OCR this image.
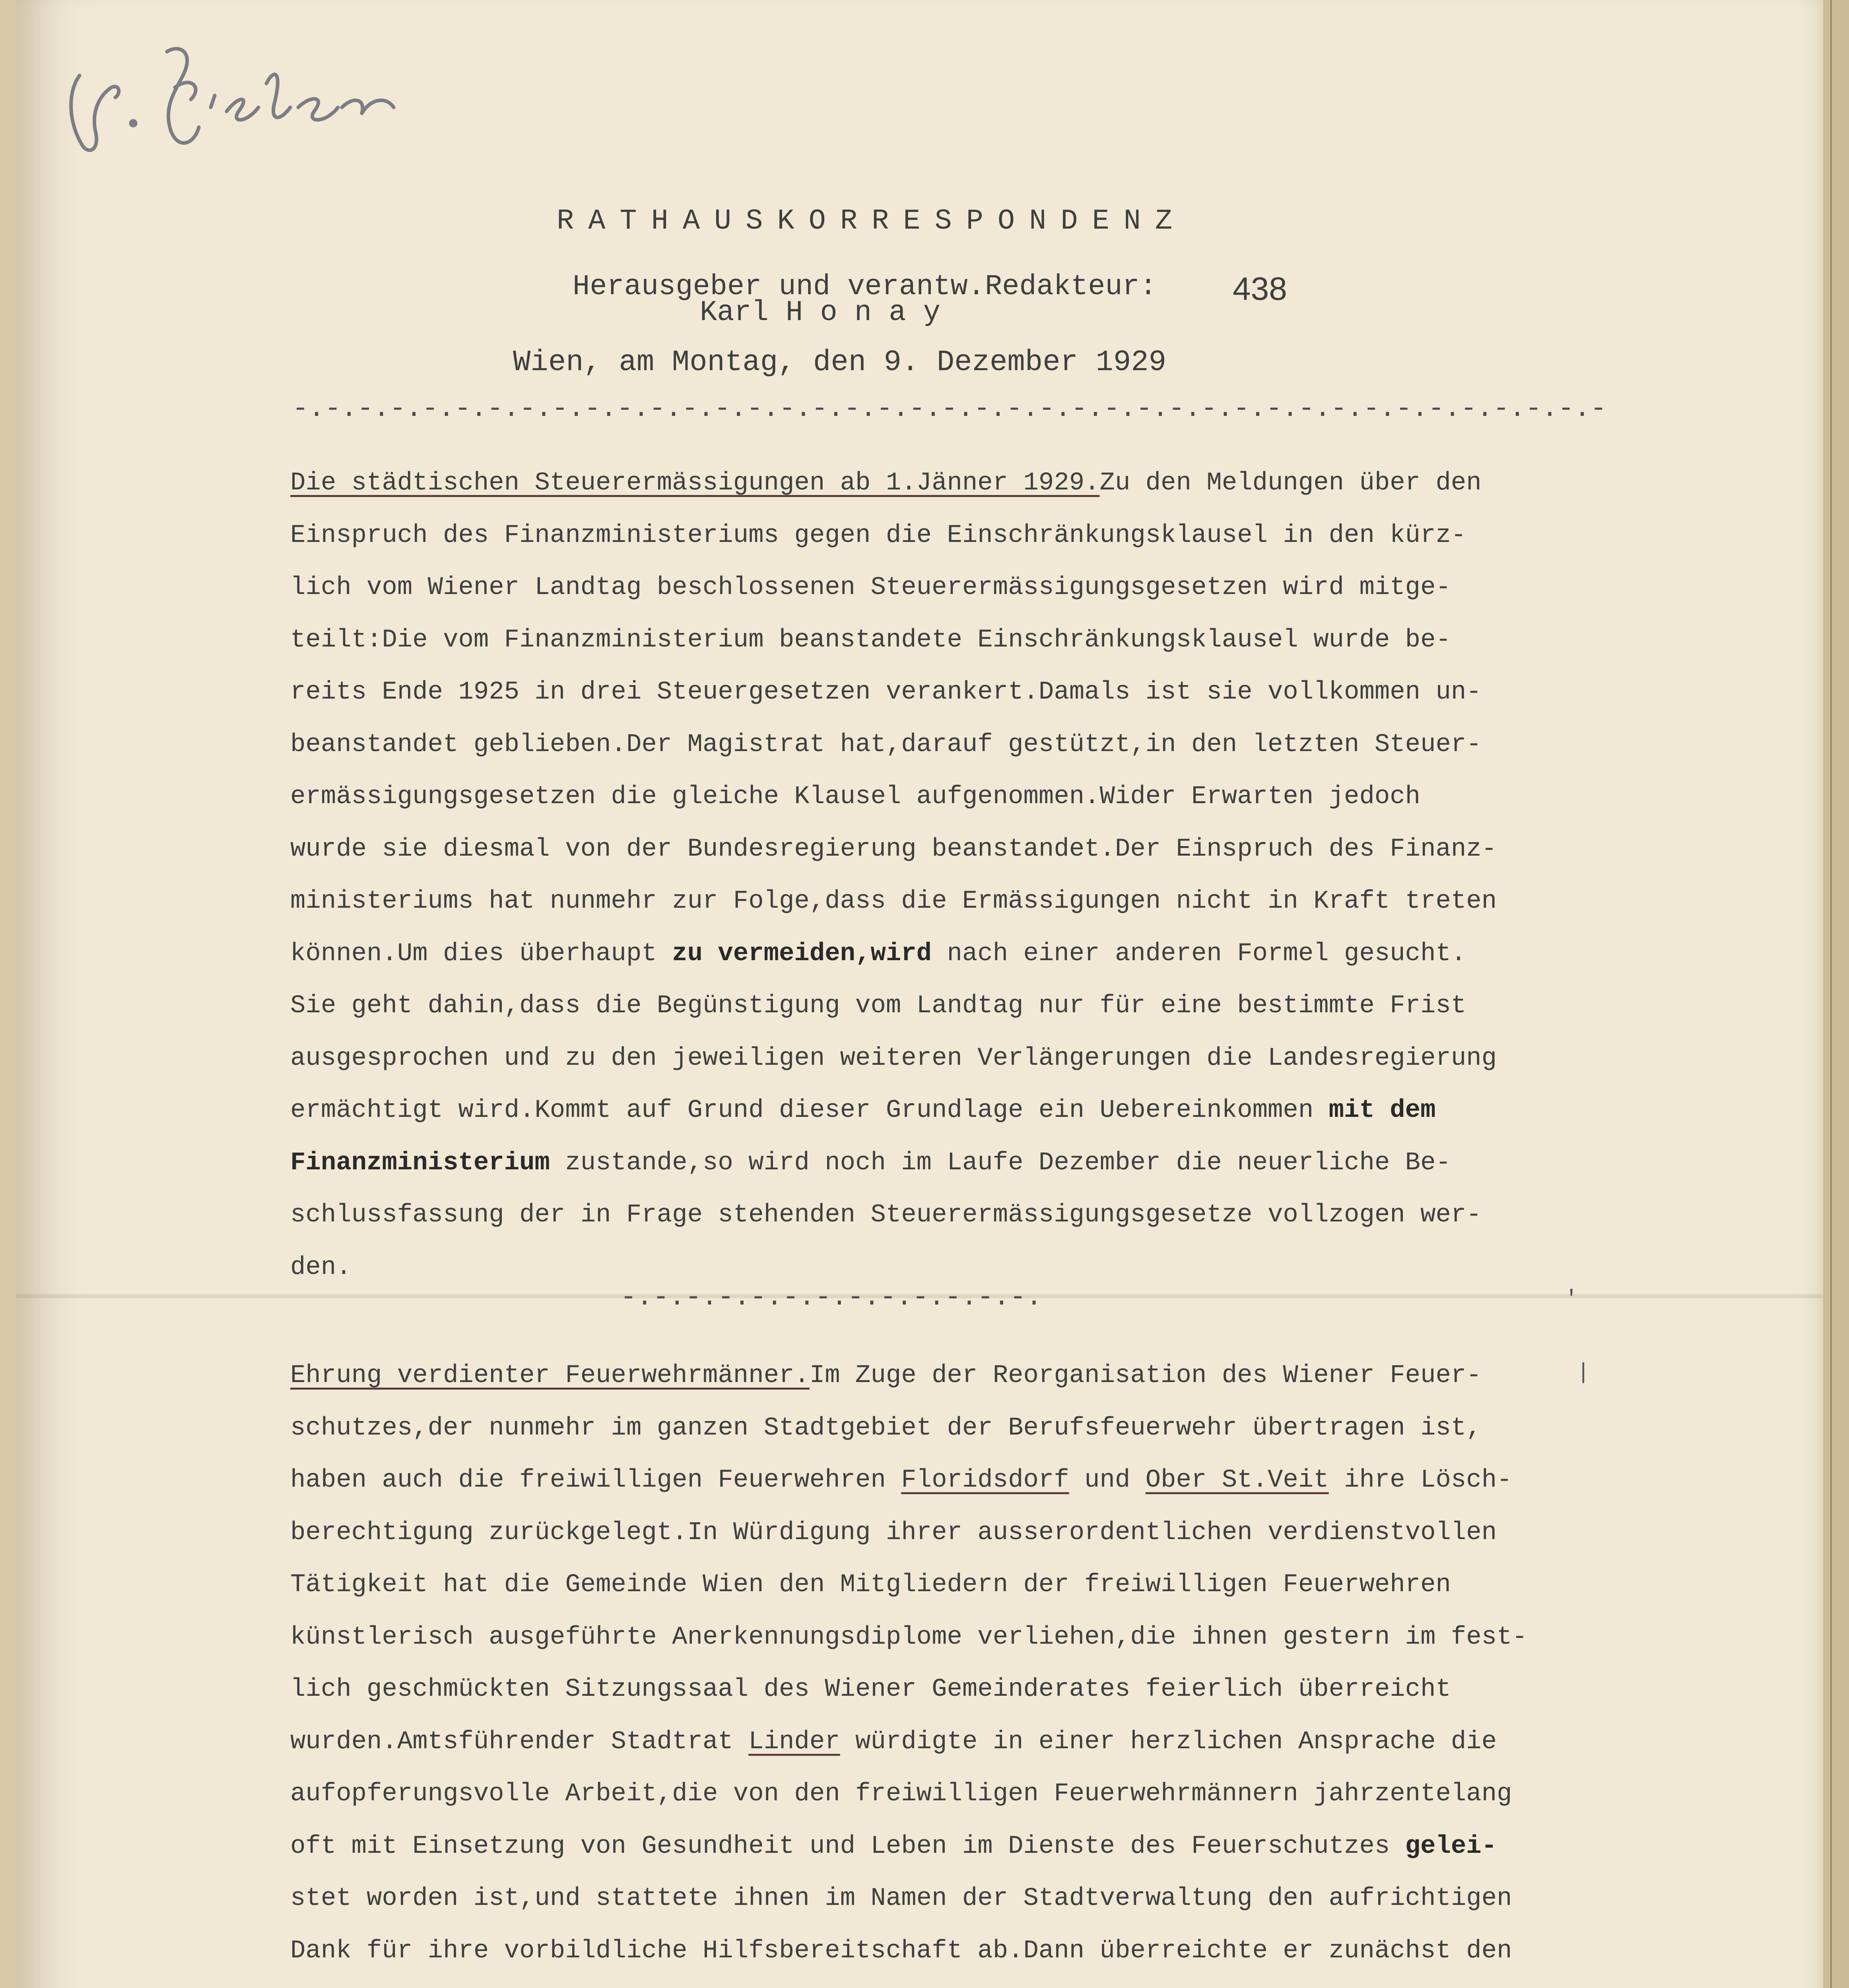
RATHAUSKORRESPONDENZ
Herausgeber und verantw.Redakteur:
Karl H o n a y
438
Wien, am Montag, den 9. Dezember 1929
-.-.-.-.-.-.-.-.-.-.-.-.-.-.-.-.-.-.-.-.-.-.-.-.-.-.-.-.-.-.-.-.-.-.-.-.-.-.-.-.-
Die städtischen Steuerermässigungen ab 1.Jänner 1929.Zu den Meldungen über den
Einspruch des Finanzministeriums gegen die Einschränkungsklausel in den kürz-
lich vom Wiener Landtag beschlossenen Steuerermässigungsgesetzen wird mitge-
teilt:Die vom Finanzministerium beanstandete Einschränkungsklausel wurde be-
reits Ende 1925 in drei Steuergesetzen verankert.Damals ist sie vollkommen un-
beanstandet geblieben.Der Magistrat hat,darauf gestützt,in den letzten Steuer-
ermässigungsgesetzen die gleiche Klausel aufgenommen.Wider Erwarten jedoch
wurde sie diesmal von der Bundesregierung beanstandet.Der Einspruch des Finanz-
ministeriums hat nunmehr zur Folge,dass die Ermässigungen nicht in Kraft treten
können.Um dies überhaupt zu vermeiden,wird nach einer anderen Formel gesucht.
Sie geht dahin,dass die Begünstigung vom Landtag nur für eine bestimmte Frist
ausgesprochen und zu den jeweiligen weiteren Verlängerungen die Landesregierung
ermächtigt wird.Kommt auf Grund dieser Grundlage ein Uebereinkommen mit dem
Finanzministerium zustande,so wird noch im Laufe Dezember die neuerliche Be-
schlussfassung der in Frage stehenden Steuerermässigungsgesetze vollzogen wer-
den.
-.-.-.-.-.-.-.-.-.-.-.-.-.
Ehrung verdienter Feuerwehrmänner.Im Zuge der Reorganisation des Wiener Feuer-
schutzes,der nunmehr im ganzen Stadtgebiet der Berufsfeuerwehr übertragen ist,
haben auch die freiwilligen Feuerwehren Floridsdorf und Ober St.Veit ihre Lösch-
berechtigung zurückgelegt.In Würdigung ihrer ausserordentlichen verdienstvollen
Tätigkeit hat die Gemeinde Wien den Mitgliedern der freiwilligen Feuerwehren
künstlerisch ausgeführte Anerkennungsdiplome verliehen,die ihnen gestern im fest-
lich geschmückten Sitzungssaal des Wiener Gemeinderates feierlich überreicht
wurden.Amtsführender Stadtrat Linder würdigte in einer herzlichen Ansprache die
aufopferungsvolle Arbeit,die von den freiwilligen Feuerwehrmännern jahrzentelang
oft mit Einsetzung von Gesundheit und Leben im Dienste des Feuerschutzes gelei-
stet worden ist,und stattete ihnen im Namen der Stadtverwaltung den aufrichtigen
Dank für ihre vorbildliche Hilfsbereitschaft ab.Dann überreichte er zunächst den

'
|
